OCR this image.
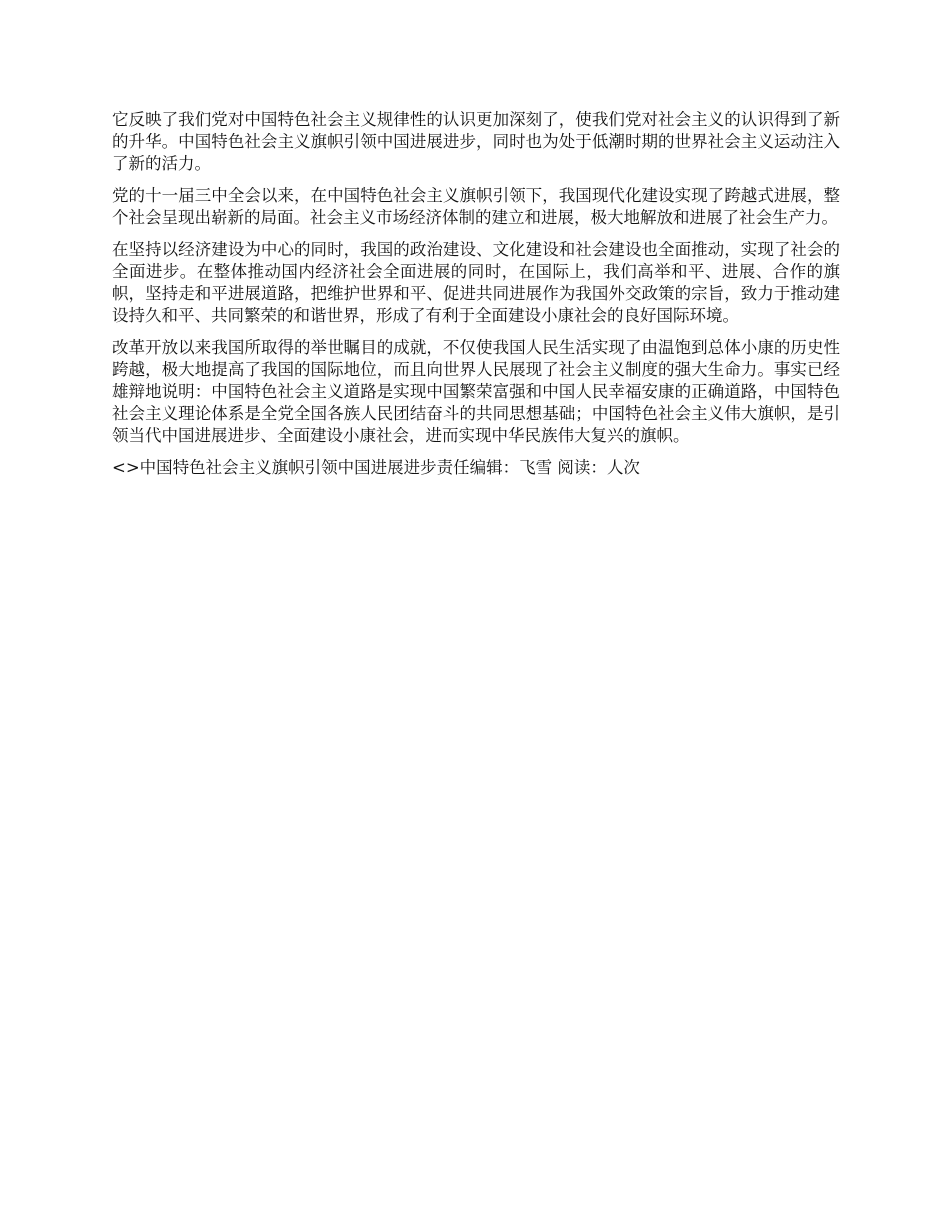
它反映了我们党对中国特色社会主义规律性的认识更加深刻了，使我们党对社会主义的认识得到了新的升华。中国特色社会主义旗帜引领中国进展进步，同时也为处于低潮时期的世界社会主义运动注入了新的活力。

党的十一届三中全会以来，在中国特色社会主义旗帜引领下，我国现代化建设实现了跨越式进展，整个社会呈现出崭新的局面。社会主义市场经济体制的建立和进展，极大地解放和进展了社会生产力。

在坚持以经济建设为中心的同时，我国的政治建设、文化建设和社会建设也全面推动，实现了社会的全面进步。在整体推动国内经济社会全面进展的同时，在国际上，我们高举和平、进展、合作的旗帜，坚持走和平进展道路，把维护世界和平、促进共同进展作为我国外交政策的宗旨，致力于推动建设持久和平、共同繁荣的和谐世界，形成了有利于全面建设小康社会的良好国际环境。

改革开放以来我国所取得的举世瞩目的成就，不仅使我国人民生活实现了由温饱到总体小康的历史性跨越，极大地提高了我国的国际地位，而且向世界人民展现了社会主义制度的强大生命力。事实已经雄辩地说明：中国特色社会主义道路是实现中国繁荣富强和中国人民幸福安康的正确道路，中国特色社会主义理论体系是全党全国各族人民团结奋斗的共同思想基础；中国特色社会主义伟大旗帜，是引领当代中国进展进步、全面建设小康社会，进而实现中华民族伟大复兴的旗帜。

<>中国特色社会主义旗帜引领中国进展进步责任编辑：飞雪 阅读：人次
